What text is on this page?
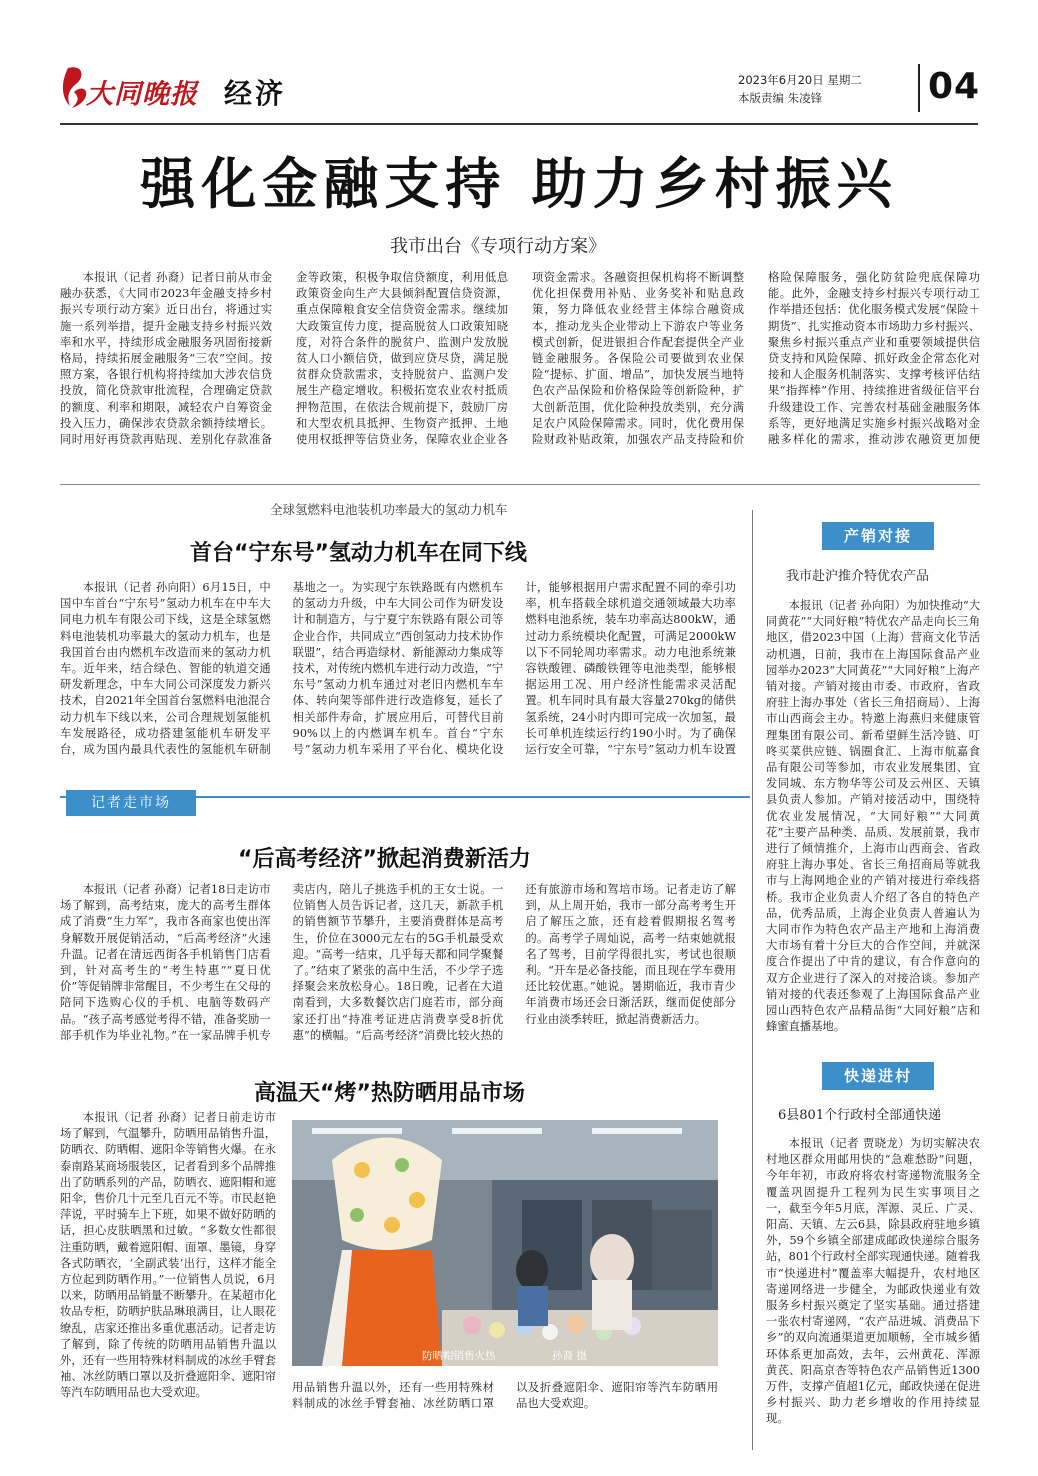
大同晚报 经济	2023年6月20日 星期二
本版责编 朱凌锋	04
强化金融支持 助力乡村振兴
我市出台《专项行动方案》

本报讯（记者 孙裔）记者日前从市金融办获悉，《大同市2023年金融支持乡村振兴专项行动方案》近日出台，将通过实施一系列举措，提升金融支持乡村振兴效率和水平，持续形成金融服务巩固衔接新格局，持续拓展金融服务“三农”空间。按照方案，各银行机构将持续加大涉农信贷投放，简化贷款审批流程，合理确定贷款的额度、利率和期限，减轻农户自筹资金投入压力，确保涉农贷款余额持续增长。同时用好再贷款再贴现、差别化存款准备金等政策，积极争取信贷额度，利用低息政策资金向生产大县倾斜配置信贷资源，重点保障粮食安全信贷资金需求。继续加大政策宣传力度，提高脱贫人口政策知晓度，对符合条件的脱贫户、监测户发放脱贫人口小额信贷，做到应贷尽贷，满足脱贫群众贷款需求，支持脱贫户、监测户发展生产稳定增收。积极拓宽农业农村抵质押物范围，在依法合规前提下，鼓励厂房和大型农机具抵押、生物资产抵押、土地使用权抵押等信贷业务，保障农业企业各项资金需求。各融资担保机构将不断调整优化担保费用补贴、业务奖补和贴息政策，努力降低农业经营主体综合融资成本，推动龙头企业带动上下游农户等业务模式创新，促进银担合作配套提供全产业链金融服务。各保险公司要做到农业保险“提标、扩面、增品”，加快发展当地特色农产品保险和价格保险等创新险种，扩大创新范围，优化险种投放类别，充分满足农户风险保障需求。同时，优化费用保险财政补贴政策，加强农产品支持险和价格险保障服务，强化防贫险兜底保障功能。此外，金融支持乡村振兴专项行动工作举措还包括：优化服务模式发展“保险＋期货”、扎实推动资本市场助力乡村振兴、聚焦乡村振兴重点产业和重要领域提供信贷支持和风险保障、抓好政金企常态化对接和人企服务机制落实、支撑考核评估结果“指挥棒”作用、持续推进省级征信平台升级建设工作、完善农村基础金融服务体系等，更好地满足实施乡村振兴战略对金融多样化的需求，推动涉农融资更加便

全球氢燃料电池装机功率最大的氢动力机车
首台“宁东号”氢动力机车在同下线

本报讯（记者 孙向阳）6月15日，中国中车首台“宁东号”氢动力机车在中车大同电力机车有限公司下线，这是全球氢燃料电池装机功率最大的氢动力机车，也是我国首台由内燃机车改造而来的氢动力机车。近年来，结合绿色、智能的轨道交通研发新理念，中车大同公司深度发力新兴技术，自2021年全国首台氢燃料电池混合动力机车下线以来，公司合理规划氢能机车发展路径，成功搭建氢能机车研发平台，成为国内最具代表性的氢能机车研制基地之一。为实现宁东铁路既有内燃机车的氢动力升级，中车大同公司作为研发设计和制造方，与宁夏宁东铁路有限公司等企业合作，共同成立“西创氢动力技术协作联盟”，结合再造绿材、新能源动力集成等技术，对传统内燃机车进行动力改造，“宁东号”氢动力机车通过对老旧内燃机车车体、转向架等部件进行改造修复，延长了相关部件寿命，扩展应用后，可替代目前90%以上的内燃调车机车。首台“宁东号”氢动力机车采用了平台化、模块化设计，能够根据用户需求配置不同的牵引功率，机车搭载全球机道交通领域最大功率燃料电池系统，装车功率高达800kW，通过动力系统模块化配置，可满足2000kW以下不同轮周功率需求。动力电池系统兼容铁酸锂、磷酸铁锂等电池类型，能够根据运用工况、用户经济性能需求灵活配置。机车同时具有最大容量270kg的储供氢系统，24小时内即可完成一次加氢，最长可单机连续运行约190小时。为了确保运行安全可靠，“宁东号”氢动力机车设置

记者走市场
“后高考经济”掀起消费新活力

本报讯（记者 孙裔）记者18日走访市场了解到，高考结束，庞大的高考生群体成了消费“生力军”，我市各商家也使出浑身解数开展促销活动，“后高考经济”火速升温。记者在清远西街各手机销售门店看到，针对高考生的“考生特惠”“夏日优价”等促销牌非常醒目，不少考生在父母的陪同下选购心仪的手机、电脑等数码产品。“孩子高考感觉考得不错，准备奖励一部手机作为毕业礼物。”在一家品牌手机专卖店内，陪儿子挑选手机的王女士说。一位销售人员告诉记者，这几天，新款手机的销售额节节攀升，主要消费群体是高考生，价位在3000元左右的5G手机最受欢迎。“高考一结束，几乎每天都和同学聚餐了。”结束了紧张的高中生活，不少学子选择聚会来放松身心。18日晚，记者在大道南看到，大多数餐饮店门庭若市，部分商家还打出“持准考证进店消费享受8折优惠”的横幅。“后高考经济”消费比较火热的还有旅游市场和驾培市场。记者走访了解到，从上周开始，我市一部分高考考生开启了解压之旅，还有趁着假期报名驾考的。高考学子周灿说，高考一结束她就报名了驾考，目前学得很扎实，考试也很顺利。“开车是必备技能，而且现在学车费用还比较优惠。”她说。暑期临近，我市青少年消费市场还会日渐活跃，继而促使部分行业由淡季转旺，掀起消费新活力。

高温天“烤”热防晒用品市场

本报讯（记者 孙裔）记者日前走访市场了解到，气温攀升，防晒用品销售升温，防晒衣、防晒帽、遮阳伞等销售火爆。在永泰南路某商场服装区，记者看到多个品牌推出了防晒系列的产品，防晒衣、遮阳帽和遮阳伞，售价几十元至几百元不等。市民赵艳萍说，平时骑车上下班，如果不做好防晒的话，担心皮肤晒黑和过敏。“多数女性都很注重防晒，戴着遮阳帽、面罩、墨镜，身穿各式防晒衣，‘全副武装’出行，这样才能全方位起到防晒作用。”一位销售人员说，6月以来，防晒用品销量不断攀升。在某超市化妆品专柜，防晒护肤品琳琅满目，让人眼花缭乱，店家还推出多重优惠活动。记者走访了解到，除了传统的防晒用品销售升温以外，还有一些用特殊材料制成的冰丝手臂套袖、冰丝防晒口罩以及折叠遮阳伞、遮阳帘等汽车防晒用品也大受欢迎。

防晒帽销售火热	孙裔 摄

用品销售升温以外，还有一些用特殊材料制成的冰丝手臂套袖、冰丝防晒口罩以及折叠遮阳伞、遮阳帘等汽车防晒用品也大受欢迎。

产销对接
我市赴沪推介特优农产品

本报讯（记者 孙向阳）为加快推动“大同黄花”“大同好粮”特优农产品走向长三角地区，借2023中国（上海）营商文化节活动机遇，日前，我市在上海国际食品产业园举办2023“大同黄花”“大同好粮”上海产销对接。产销对接由市委、市政府，省政府驻上海办事处（省长三角招商局）、上海市山西商会主办。特邀上海燕归来健康管理集团有限公司、新希望鲜生活冷链、叮咚买菜供应链、锅圈食汇、上海市航嘉食品有限公司等参加，市农业发展集团、宜发同城、东方物华等公司及云州区、天镇县负责人参加。产销对接活动中，围绕特优农业发展情况，“大同好粮”“大同黄花”主要产品种类、品质、发展前景，我市进行了倾情推介，上海市山西商会、省政府驻上海办事处、省长三角招商局等就我市与上海网地企业的产销对接进行牵线搭桥。我市企业负责人介绍了各自的特色产品，优秀品质，上海企业负责人普遍认为大同市作为特色农产品主产地和上海消费大市场有着十分巨大的合作空间，并就深度合作提出了中肯的建议，有合作意向的双方企业进行了深入的对接洽谈。参加产销对接的代表还参观了上海国际食品产业园山西特色农产品精品街“大同好粮”店和蜂蜜直播基地。

快递进村
6县801个行政村全部通快递

本报讯（记者 贾晓龙）为切实解决农村地区群众用邮用快的“急难愁盼”问题，今年年初，市政府将农村寄递物流服务全覆盖巩固提升工程列为民生实事项目之一，截至今年5月底，浑源、灵丘、广灵、阳高、天镇、左云6县，除县政府驻地乡镇外，59个乡镇全部建成邮政快递综合服务站，801个行政村全部实现通快递。随着我市“快递进村”覆盖率大幅提升，农村地区寄递网络进一步健全，为邮政快递业有效服务乡村振兴奠定了坚实基础。通过搭建一张农村寄递网，“农产品进城、消费品下乡”的双向流通渠道更加顺畅，全市城乡循环体系更加高效，去年，云州黄花、浑源黄芪、阳高京杏等特色农产品销售近1300万件，支撑产值超1亿元，邮政快递在促进乡村振兴、助力老乡增收的作用持续显现。
